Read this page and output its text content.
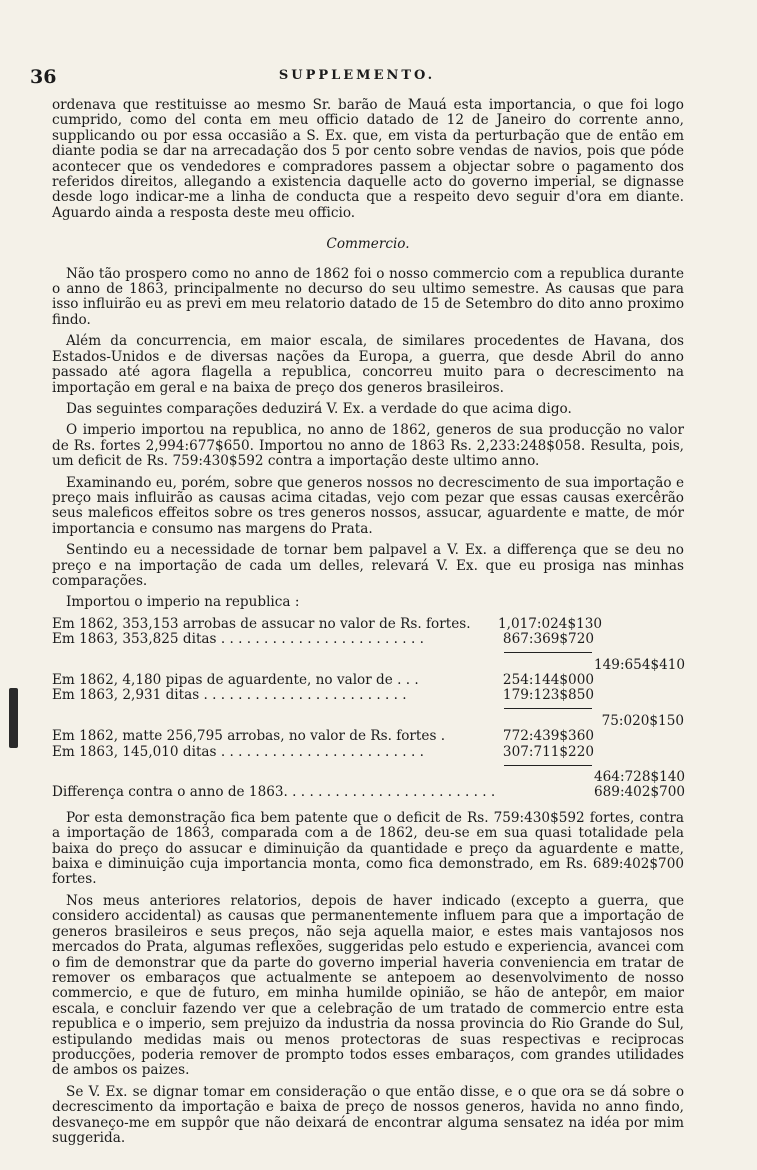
36	SUPPLEMENTO.

ordenava que restituisse ao mesmo Sr. barão de Mauá esta importancia, o que foi logo cumprido, como del conta em meu officio datado de 12 de Janeiro do corrente anno, supplicando ou por essa occasião a S. Ex. que, em vista da perturbação que de então em diante podia se dar na arrecadação dos 5 por cento sobre vendas de navios, pois que póde acontecer que os vendedores e compradores passem a objectar sobre o pagamento dos referidos direitos, allegando a existencia daquelle acto do governo imperial, se dignasse desde logo indicar-me a linha de conducta que a respeito devo seguir d'ora em diante. Aguardo ainda a resposta deste meu officio.

Commercio.

Não tão prospero como no anno de 1862 foi o nosso commercio com a republica durante o anno de 1863, principalmente no decurso do seu ultimo semestre. As causas que para isso influirão eu as previ em meu relatorio datado de 15 de Setembro do dito anno proximo findo.

Além da concurrencia, em maior escala, de similares procedentes de Havana, dos Estados-Unidos e de diversas nações da Europa, a guerra, que desde Abril do anno passado até agora flagella a republica, concorreu muito para o decrescimento na importação em geral e na baixa de preço dos generos brasileiros.

Das seguintes comparações deduzirá V. Ex. a verdade do que acima digo.

O imperio importou na republica, no anno de 1862, generos de sua producção no valor de Rs. fortes 2,994:677$650. Importou no anno de 1863 Rs. 2,233:248$058. Resulta, pois, um deficit de Rs. 759:430$592 contra a importação deste ultimo anno.

Examinando eu, porém, sobre que generos nossos no decrescimento de sua importação e preço mais influirão as causas acima citadas, vejo com pezar que essas causas exercêrão seus maleficos effeitos sobre os tres generos nossos, assucar, aguardente e matte, de mór importancia e consumo nas margens do Prata.

Sentindo eu a necessidade de tornar bem palpavel a V. Ex. a differença que se deu no preço e na importação de cada um delles, relevará V. Ex. que eu prosiga nas minhas comparações.

Importou o imperio na republica :

Em 1862, 353,153 arrobas de assucar no valor de Rs. fortes.	1,017:024$130
Em 1863, 353,825 ditas . . .	867:369$720
149:654$410
Em 1862, 4,180 pipas de aguardente, no valor de . . .	254:144$000
Em 1863, 2,931 ditas . . .	179:123$850
75:020$150
Em 1862, matte 256,795 arrobas, no valor de Rs. fortes .	772:439$360
Em 1863, 145,010 ditas . . .	307:711$220
464:728$140
Differença contra o anno de 1863. . . .	689:402$700

Por esta demonstração fica bem patente que o deficit de Rs. 759:430$592 fortes, contra a importação de 1863, comparada com a de 1862, deu-se em sua quasi totalidade pela baixa do preço do assucar e diminuição da quantidade e preço da aguardente e matte, baixa e diminuição cuja importancia monta, como fica demonstrado, em Rs. 689:402$700 fortes.

Nos meus anteriores relatorios, depois de haver indicado (excepto a guerra, que considero accidental) as causas que permanentemente influem para que a importação de generos brasileiros e seus preços, não seja aquella maior, e estes mais vantajosos nos mercados do Prata, algumas reflexões, suggeridas pelo estudo e experiencia, avancei com o fim de demonstrar que da parte do governo imperial haveria conveniencia em tratar de remover os embaraços que actualmente se antepoem ao desenvolvimento de nosso commercio, e que de futuro, em minha humilde opinião, se hão de antepôr, em maior escala, e concluir fazendo ver que a celebração de um tratado de commercio entre esta republica e o imperio, sem prejuizo da industria da nossa provincia do Rio Grande do Sul, estipulando medidas mais ou menos protectoras de suas respectivas e reciprocas producções, poderia remover de prompto todos esses embaraços, com grandes utilidades de ambos os paizes.

Se V. Ex. se dignar tomar em consideração o que então disse, e o que ora se dá sobre o decrescimento da importação e baixa de preço de nossos generos, havida no anno findo, desvaneço-me em suppôr que não deixará de encontrar alguma sensatez na idéa por mim suggerida.
